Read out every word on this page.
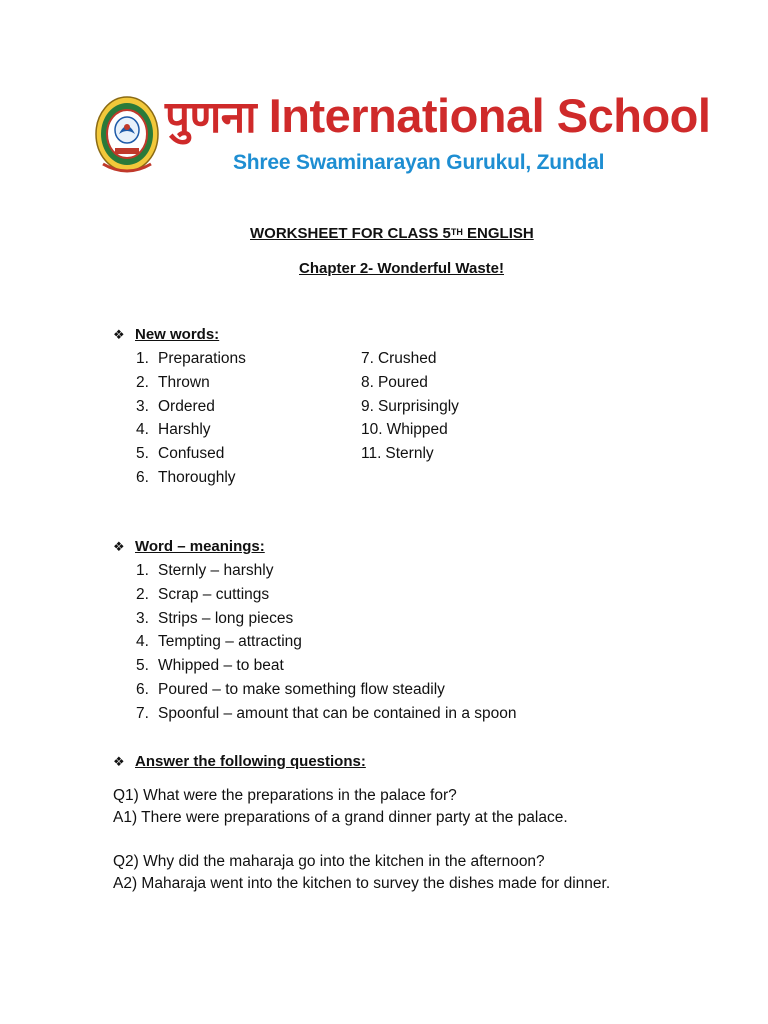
पुणना International School
Shree Swaminarayan Gurukul, Zundal
WORKSHEET FOR CLASS 5TH ENGLISH
Chapter 2- Wonderful Waste!
❖ New words:
1. Preparations
2. Thrown
3. Ordered
4. Harshly
5. Confused
6. Thoroughly
7. Crushed
8. Poured
9. Surprisingly
10. Whipped
11. Sternly
❖ Word – meanings:
1. Sternly – harshly
2. Scrap – cuttings
3. Strips – long pieces
4. Tempting – attracting
5. Whipped – to beat
6. Poured – to make something flow steadily
7. Spoonful – amount that can be contained in a spoon
❖ Answer the following questions:
Q1) What were the preparations in the palace for?
A1) There were preparations of a grand dinner party at the palace.
Q2) Why did the maharaja go into the kitchen in the afternoon?
A2) Maharaja went into the kitchen to survey the dishes made for dinner.
